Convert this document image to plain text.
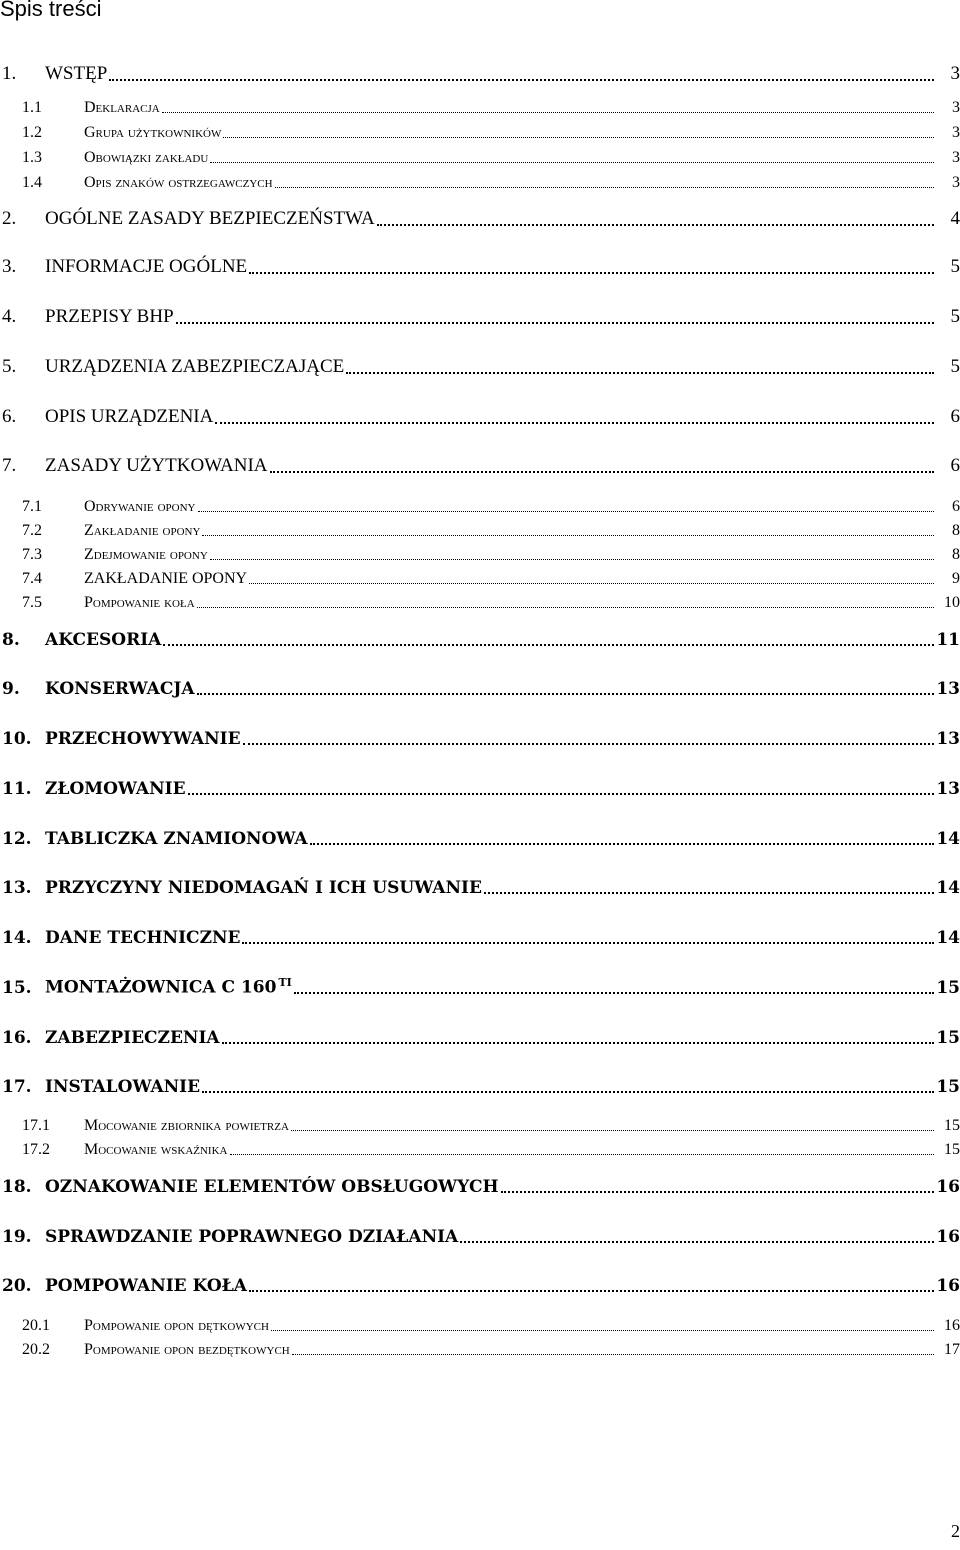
Spis treści
1. WSTĘP	3
1.1	Deklaracja	3
1.2	Grupa użytkowników	3
1.3	Obowiązki zakładu	3
1.4	Opis znaków ostrzegawczych	3
2. OGÓLNE ZASADY BEZPIECZEŃSTWA	4
3. INFORMACJE OGÓLNE	5
4. PRZEPISY BHP	5
5. URZĄDZENIA ZABEZPIECZAJĄCE	5
6. OPIS URZĄDZENIA	6
7. ZASADY UŻYTKOWANIA	6
7.1	Odrywanie opony	6
7.2	Zakładanie opony	8
7.3	Zdejmowanie opony	8
7.4	ZAKŁADANIE OPONY	9
7.5	Pompowanie koła	10
8. AKCESORIA	11
9. KONSERWACJA	13
10. PRZECHOWYWANIE	13
11. ZŁOMOWANIE	13
12. TABLICZKA ZNAMIONOWA	14
13. PRZYCZYNY NIEDOMAGAŃ I ICH USUWANIE	14
14. DANE TECHNICZNE	14
15. MONTAŻOWNICA C 160 $^{TI}$	15
16. ZABEZPIECZENIA	15
17. INSTALOWANIE	15
17.1 Mocowanie zbiornika powietrza	15
17.2 Mocowanie wskaźnika	15
18. OZNAKOWANIE ELEMENTÓW OBSŁUGOWYCH	16
19. SPRAWDZANIE POPRAWNEGO DZIAŁANIA	16
20. POMPOWANIE KOŁA	16
20.1 Pompowanie opon dętkowych	16
20.2 Pompowanie opon bezdętkowych	17
2
